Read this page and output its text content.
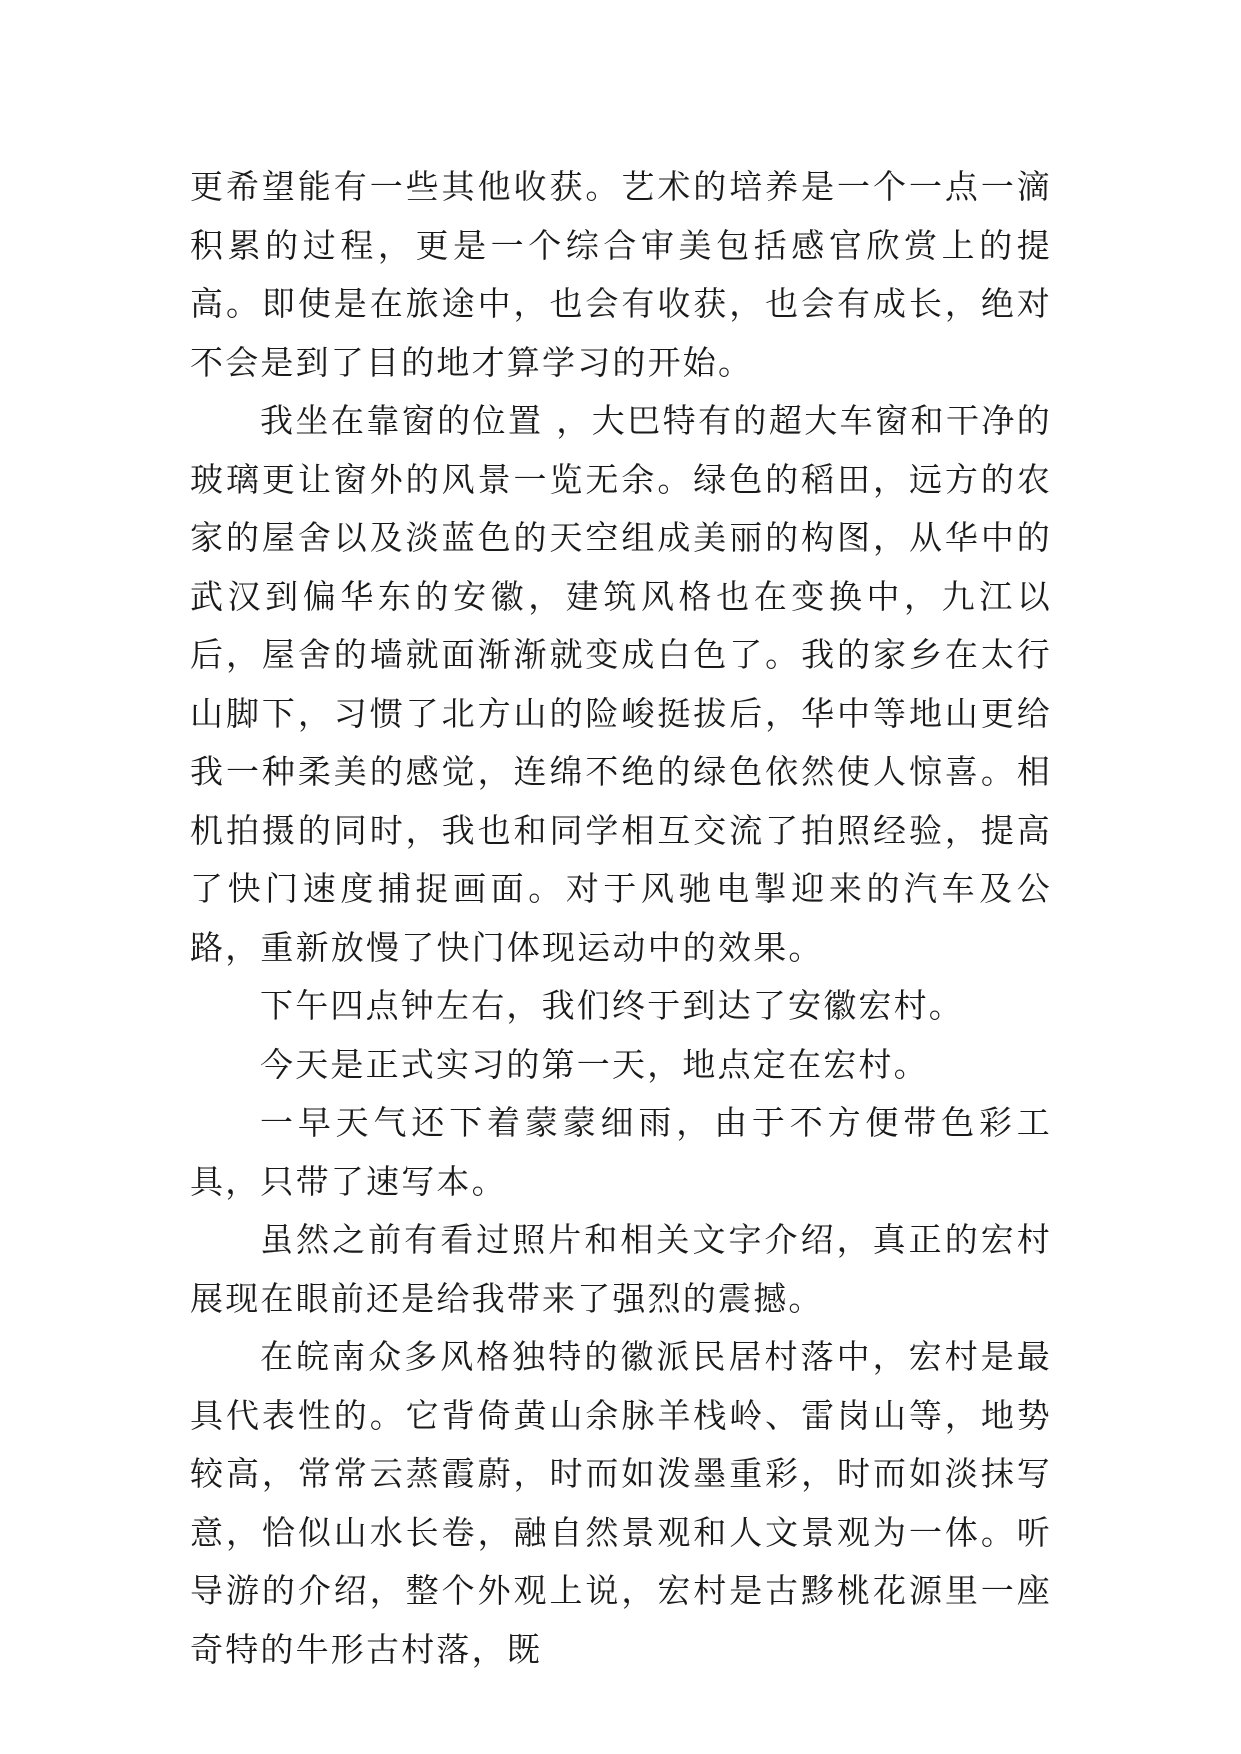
更希望能有一些其他收获。艺术的培养是一个一点一滴积累的过程，更是一个综合审美包括感官欣赏上的提高。即使是在旅途中，也会有收获，也会有成长，绝对不会是到了目的地才算学习的开始。

我坐在靠窗的位置 ，大巴特有的超大车窗和干净的玻璃更让窗外的风景一览无余。绿色的稻田，远方的农家的屋舍以及淡蓝色的天空组成美丽的构图，从华中的武汉到偏华东的安徽，建筑风格也在变换中，九江以后，屋舍的墙就面渐渐就变成白色了。我的家乡在太行山脚下，习惯了北方山的险峻挺拔后，华中等地山更给我一种柔美的感觉，连绵不绝的绿色依然使人惊喜。相机拍摄的同时，我也和同学相互交流了拍照经验，提高了快门速度捕捉画面。对于风驰电掣迎来的汽车及公路，重新放慢了快门体现运动中的效果。

下午四点钟左右，我们终于到达了安徽宏村。

今天是正式实习的第一天，地点定在宏村。

一早天气还下着蒙蒙细雨，由于不方便带色彩工具，只带了速写本。

虽然之前有看过照片和相关文字介绍，真正的宏村展现在眼前还是给我带来了强烈的震撼。

在皖南众多风格独特的徽派民居村落中，宏村是最具代表性的。它背倚黄山余脉羊栈岭、雷岗山等，地势较高，常常云蒸霞蔚，时而如泼墨重彩，时而如淡抹写意，恰似山水长卷，融自然景观和人文景观为一体。听导游的介绍，整个外观上说，宏村是古黟桃花源里一座奇特的牛形古村落，既
